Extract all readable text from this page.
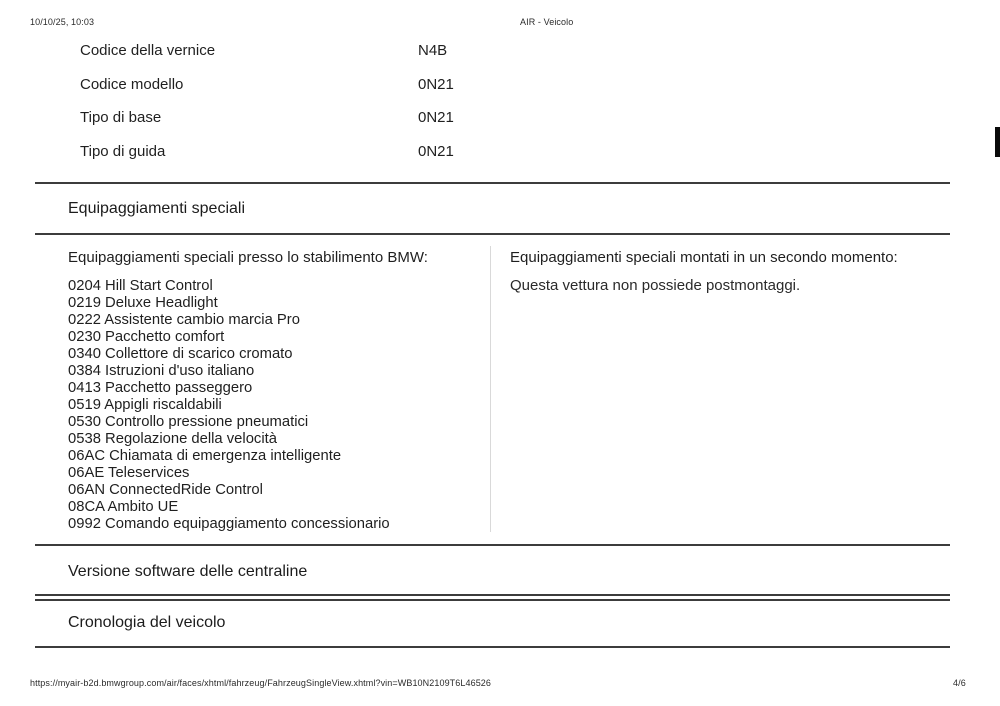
10/10/25, 10:03	AIR - Veicolo
Codice della vernice	N4B
Codice modello	0N21
Tipo di base	0N21
Tipo di guida	0N21
Equipaggiamenti speciali
Equipaggiamenti speciali presso lo stabilimento BMW:	Equipaggiamenti speciali montati in un secondo momento:
0204 Hill Start Control
0219 Deluxe Headlight
0222 Assistente cambio marcia Pro
0230 Pacchetto comfort
0340 Collettore di scarico cromato
0384 Istruzioni d'uso italiano
0413 Pacchetto passeggero
0519 Appigli riscaldabili
0530 Controllo pressione pneumatici
0538 Regolazione della velocità
06AC Chiamata di emergenza intelligente
06AE Teleservices
06AN ConnectedRide Control
08CA Ambito UE
0992 Comando equipaggiamento concessionario
Questa vettura non possiede postmontaggi.
Versione software delle centraline
Cronologia del veicolo
https://myair-b2d.bmwgroup.com/air/faces/xhtml/fahrzeug/FahrzeugSingleView.xhtml?vin=WB10N2109T6L46526	4/6
